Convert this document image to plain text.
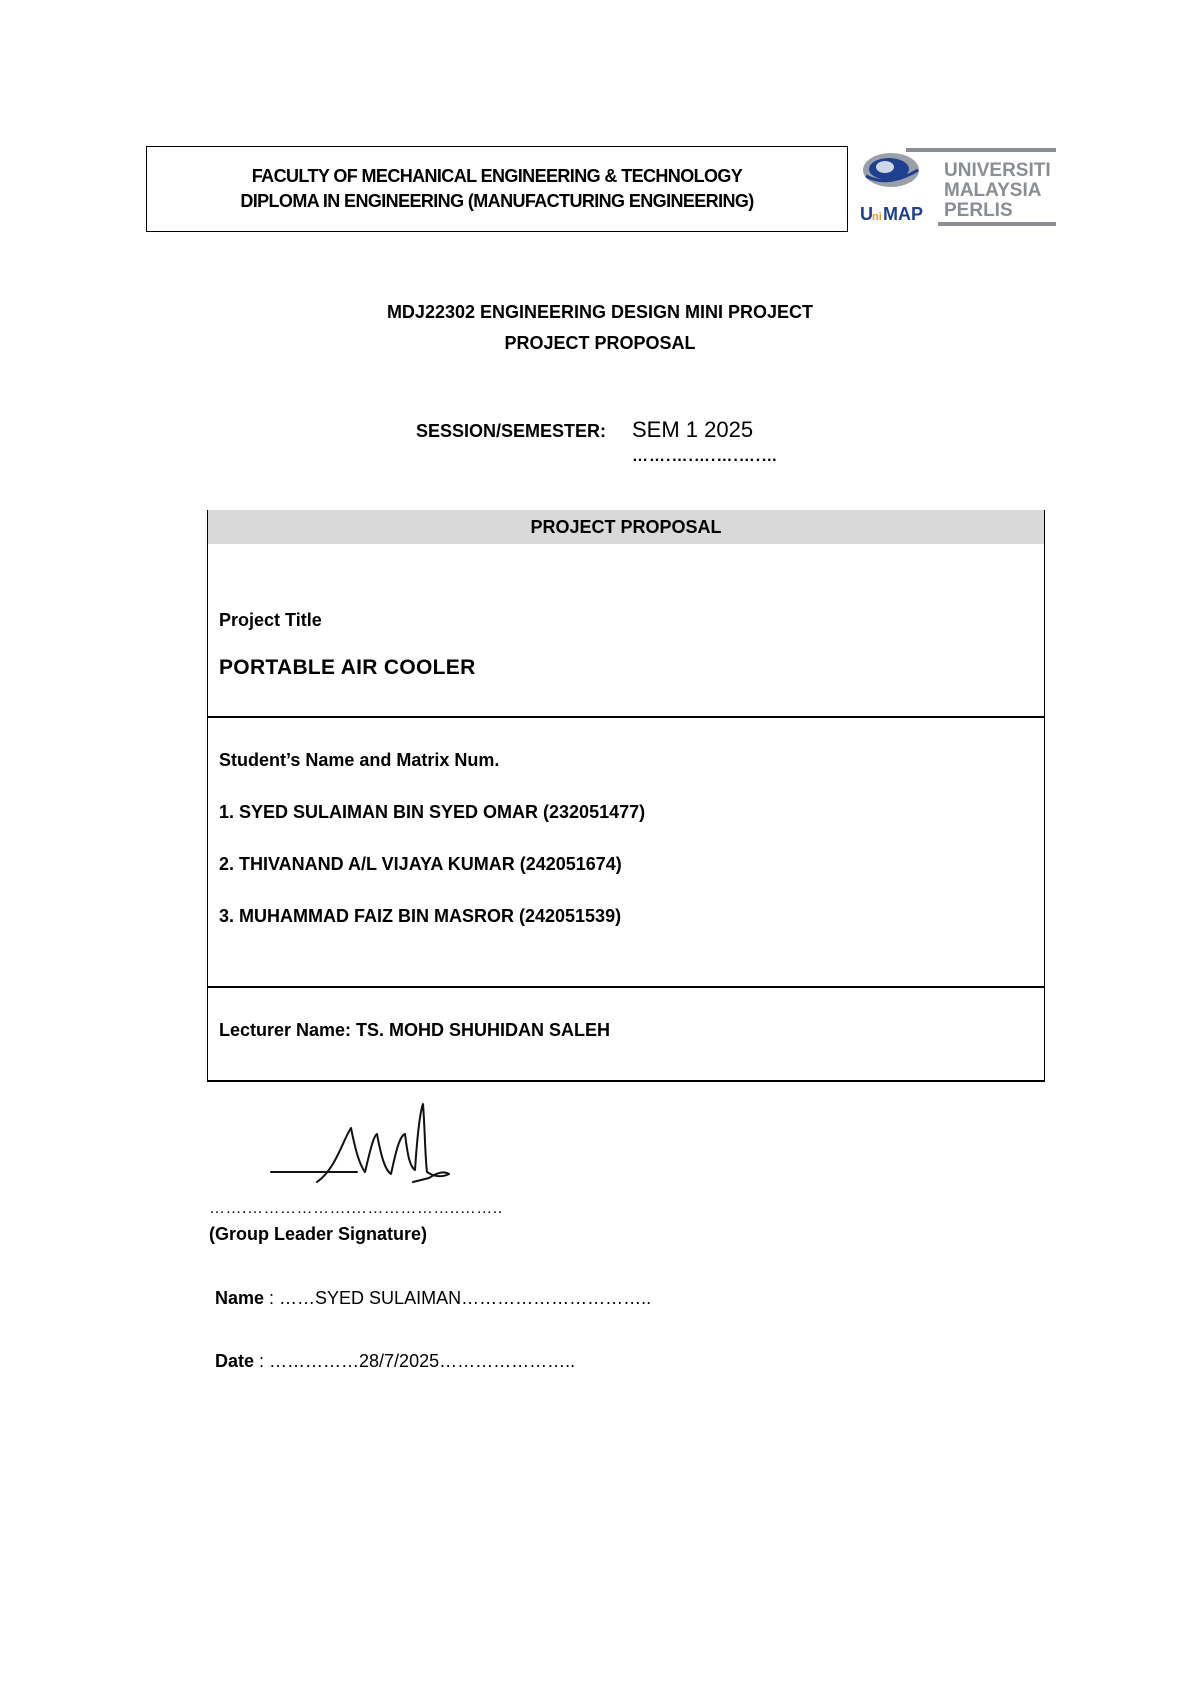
FACULTY OF MECHANICAL ENGINEERING & TECHNOLOGY
DIPLOMA IN ENGINEERING (MANUFACTURING ENGINEERING)
U ni MAP
UNIVERSITI
MALAYSIA
PERLIS
MDJ22302 ENGINEERING DESIGN MINI PROJECT
PROJECT PROPOSAL
SESSION/SEMESTER: SEM 1 2025
…….….….….….…
PROJECT PROPOSAL
Project Title
PORTABLE AIR COOLER
Student’s Name and Matrix Num.
1. SYED SULAIMAN BIN SYED OMAR (232051477)
2. THIVANAND A/L VIJAYA KUMAR (242051674)
3. MUHAMMAD FAIZ BIN MASROR (242051539)
Lecturer Name: TS. MOHD SHUHIDAN SALEH
…….……………….………………..……..
(Group Leader Signature)
Name : ……SYED SULAIMAN…………………………..
Date : ……………28/7/2025…………………..
